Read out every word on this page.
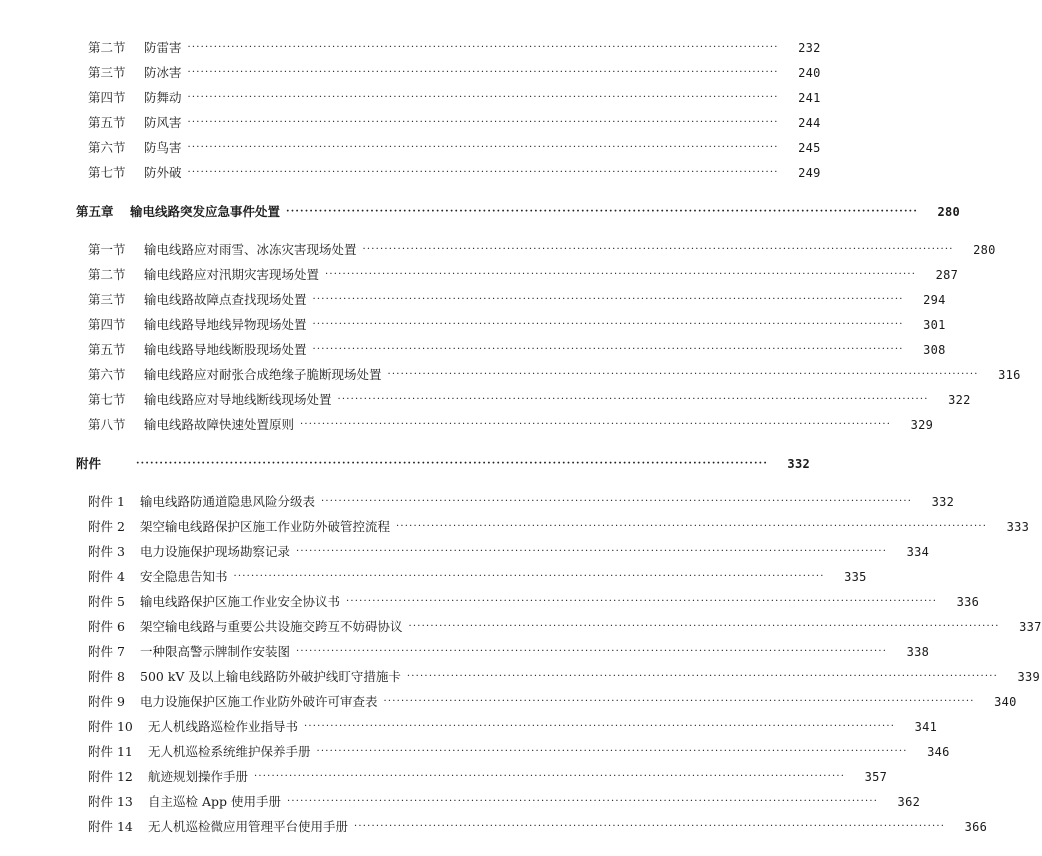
第二节	防雷害 ·······································································································································	232
第三节	防冰害 ·······································································································································	240
第四节	防舞动 ·······································································································································	241
第五节	防风害 ·······································································································································	244
第六节	防鸟害 ·······································································································································	245
第七节	防外破 ·······································································································································	249
第五章	输电线路突发应急事件处置 ·······································································································································	280
第一节	输电线路应对雨雪、冰冻灾害现场处置 ·······································································································································	280
第二节	输电线路应对汛期灾害现场处置 ·······································································································································	287
第三节	输电线路故障点查找现场处置 ·······································································································································	294
第四节	输电线路导地线异物现场处置 ·······································································································································	301
第五节	输电线路导地线断股现场处置 ·······································································································································	308
第六节	输电线路应对耐张合成绝缘子脆断现场处置 ·······································································································································	316
第七节	输电线路应对导地线断线现场处置 ·······································································································································	322
第八节	输电线路故障快速处置原则 ·······································································································································	329
附件	·······································································································································	332
附件 1	输电线路防通道隐患风险分级表 ·······································································································································	332
附件 2	架空输电线路保护区施工作业防外破管控流程 ·······································································································································	333
附件 3	电力设施保护现场勘察记录 ·······································································································································	334
附件 4	安全隐患告知书 ·······································································································································	335
附件 5	输电线路保护区施工作业安全协议书 ·······································································································································	336
附件 6	架空输电线路与重要公共设施交跨互不妨碍协议 ·······································································································································	337
附件 7	一种限高警示牌制作安装图 ·······································································································································	338
附件 8	500 kV 及以上输电线路防外破护线盯守措施卡 ·······································································································································	339
附件 9	电力设施保护区施工作业防外破许可审查表 ·······································································································································	340
附件 10	无人机线路巡检作业指导书 ·······································································································································	341
附件 11	无人机巡检系统维护保养手册 ·······································································································································	346
附件 12	航迹规划操作手册 ·······································································································································	357
附件 13	自主巡检 App 使用手册 ·······································································································································	362
附件 14	无人机巡检微应用管理平台使用手册 ·······································································································································	366
